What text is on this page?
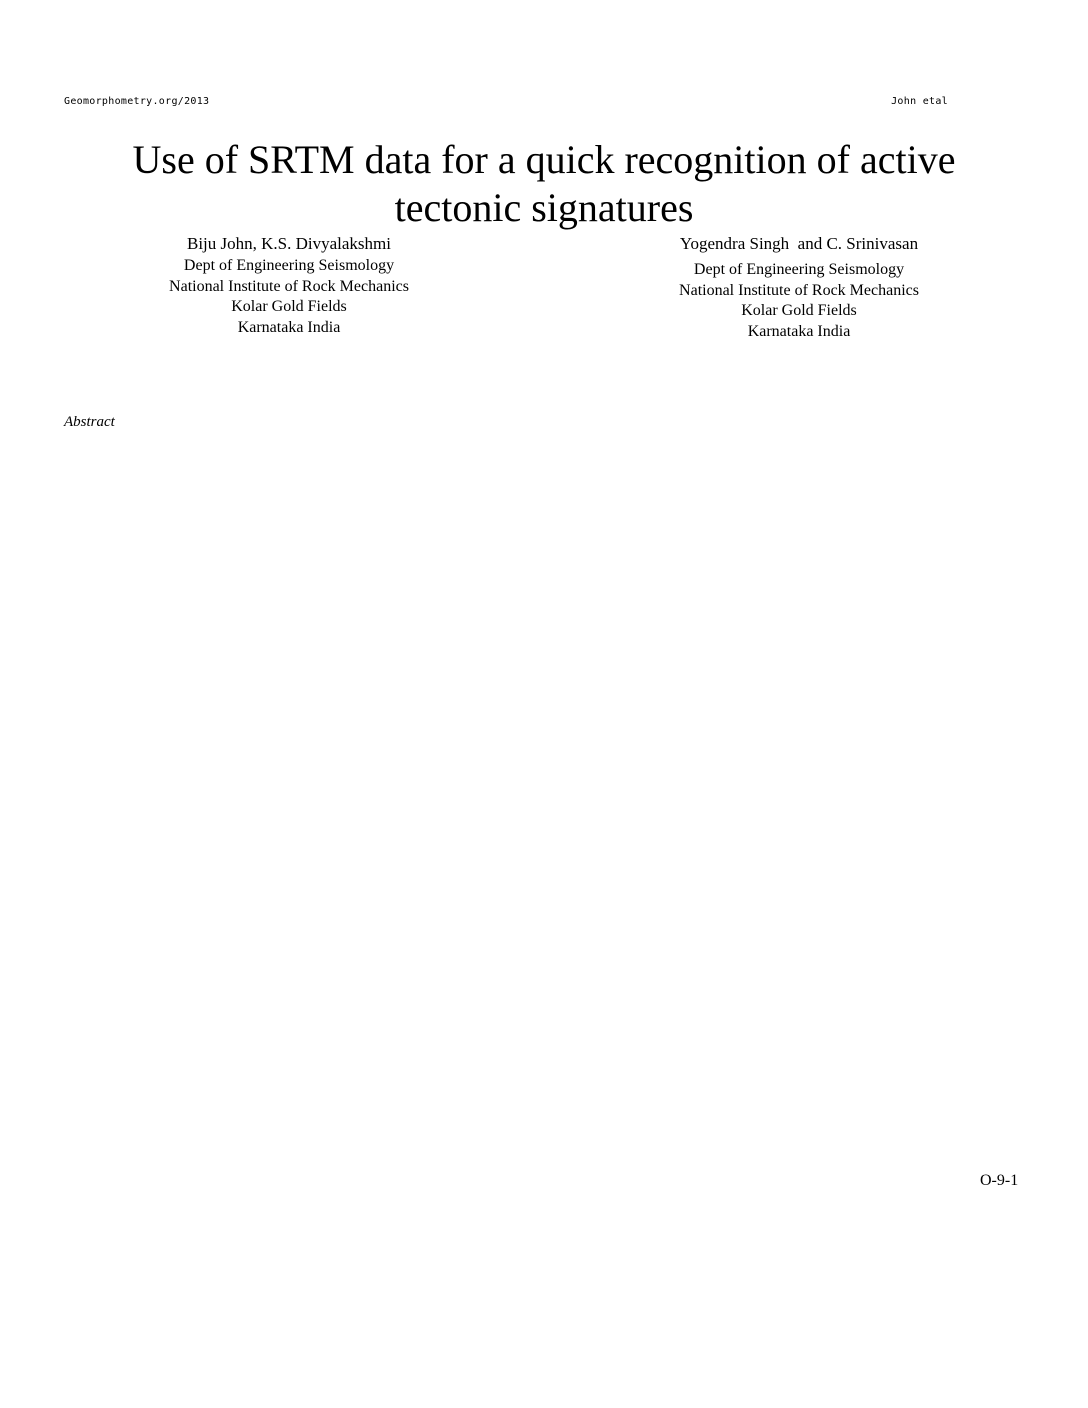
Geomorphometry.org/2013	John etal
Use of SRTM data for a quick recognition of active
tectonic signatures
Biju John, K.S. Divyalakshmi
Dept of Engineering Seismology
National Institute of Rock Mechanics
Kolar Gold Fields
Karnataka India
Yogendra Singh  and C. Srinivasan
Dept of Engineering Seismology
National Institute of Rock Mechanics
Kolar Gold Fields
Karnataka India
Abstract
O-9-1
